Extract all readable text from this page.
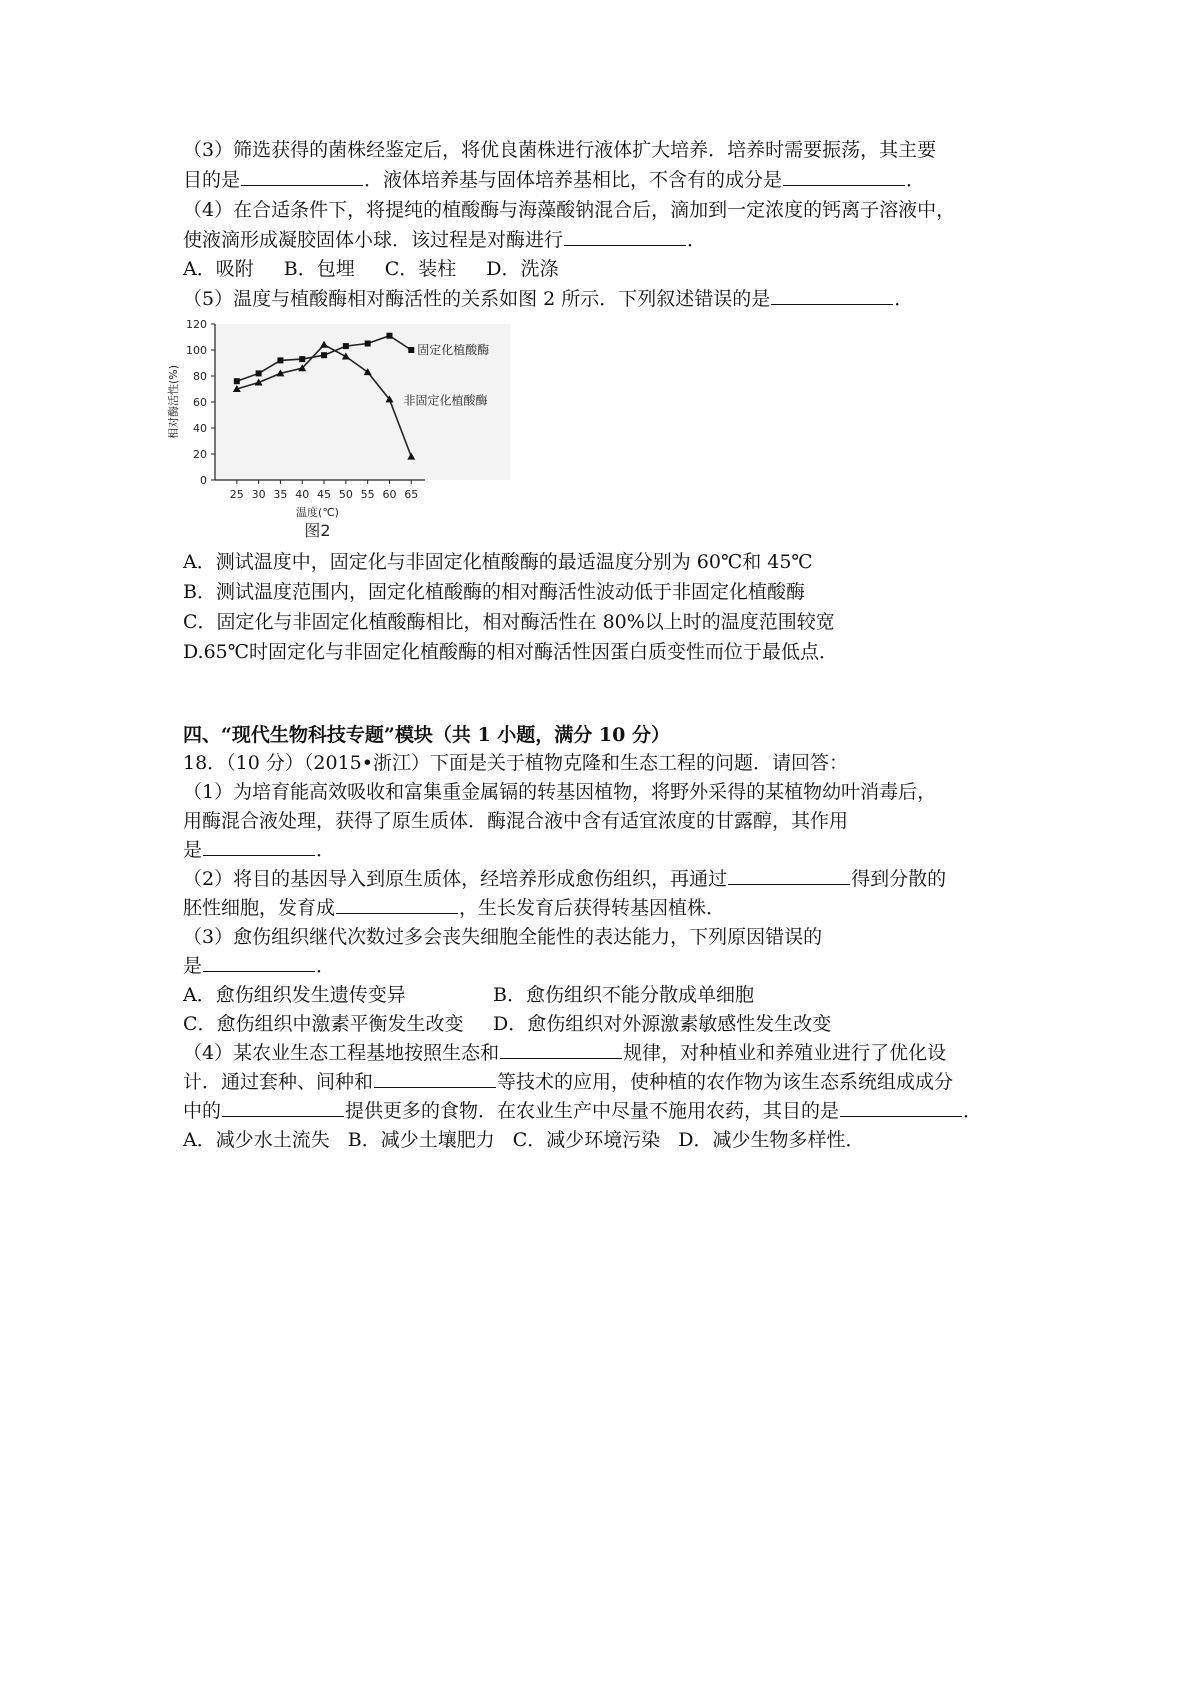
（3）筛选获得的菌株经鉴定后，将优良菌株进行液体扩大培养．培养时需要振荡，其主要
目的是	．液体培养基与固体培养基相比，不含有的成分是	．
（4）在合适条件下，将提纯的植酸酶与海藻酸钠混合后，滴加到一定浓度的钙离子溶液中，
使液滴形成凝胶固体小球．该过程是对酶进行	．
A．吸附 B．包埋 C．装柱 D．洗涤
（5）温度与植酸酶相对酶活性的关系如图 2 所示．下列叙述错误的是	．
0
20
40
60
80
100
120
25 30 35 40 45 50 55 60 65
相对酶活性(%)
温度(℃)
图2
固定化植酸酶
非固定化植酸酶
A．测试温度中，固定化与非固定化植酸酶的最适温度分别为 60℃和 45℃
B．测试温度范围内，固定化植酸酶的相对酶活性波动低于非固定化植酸酶
C．固定化与非固定化植酸酶相比，相对酶活性在 80%以上时的温度范围较宽
D.65℃时固定化与非固定化植酸酶的相对酶活性因蛋白质变性而位于最低点．
四、“现代生物科技专题”模块（共 1 小题，满分 10 分）
18．（10 分）（2015•浙江）下面是关于植物克隆和生态工程的问题．请回答：
（1）为培育能高效吸收和富集重金属镉的转基因植物，将野外采得的某植物幼叶消毒后，
用酶混合液处理，获得了原生质体．酶混合液中含有适宜浓度的甘露醇，其作用
是	．
（2）将目的基因导入到原生质体，经培养形成愈伤组织，再通过	得到分散的
胚性细胞，发育成	，生长发育后获得转基因植株．
（3）愈伤组织继代次数过多会丧失细胞全能性的表达能力，下列原因错误的
是	．
A．愈伤组织发生遗传变异	B．愈伤组织不能分散成单细胞
C．愈伤组织中激素平衡发生改变 D．愈伤组织对外源激素敏感性发生改变
（4）某农业生态工程基地按照生态和	规律，对种植业和养殖业进行了优化设
计．通过套种、间种和	等技术的应用，使种植的农作物为该生态系统组成成分
中的	提供更多的食物．在农业生产中尽量不施用农药，其目的是	．
A．减少水土流失 B．减少土壤肥力 C．减少环境污染 D．减少生物多样性．
